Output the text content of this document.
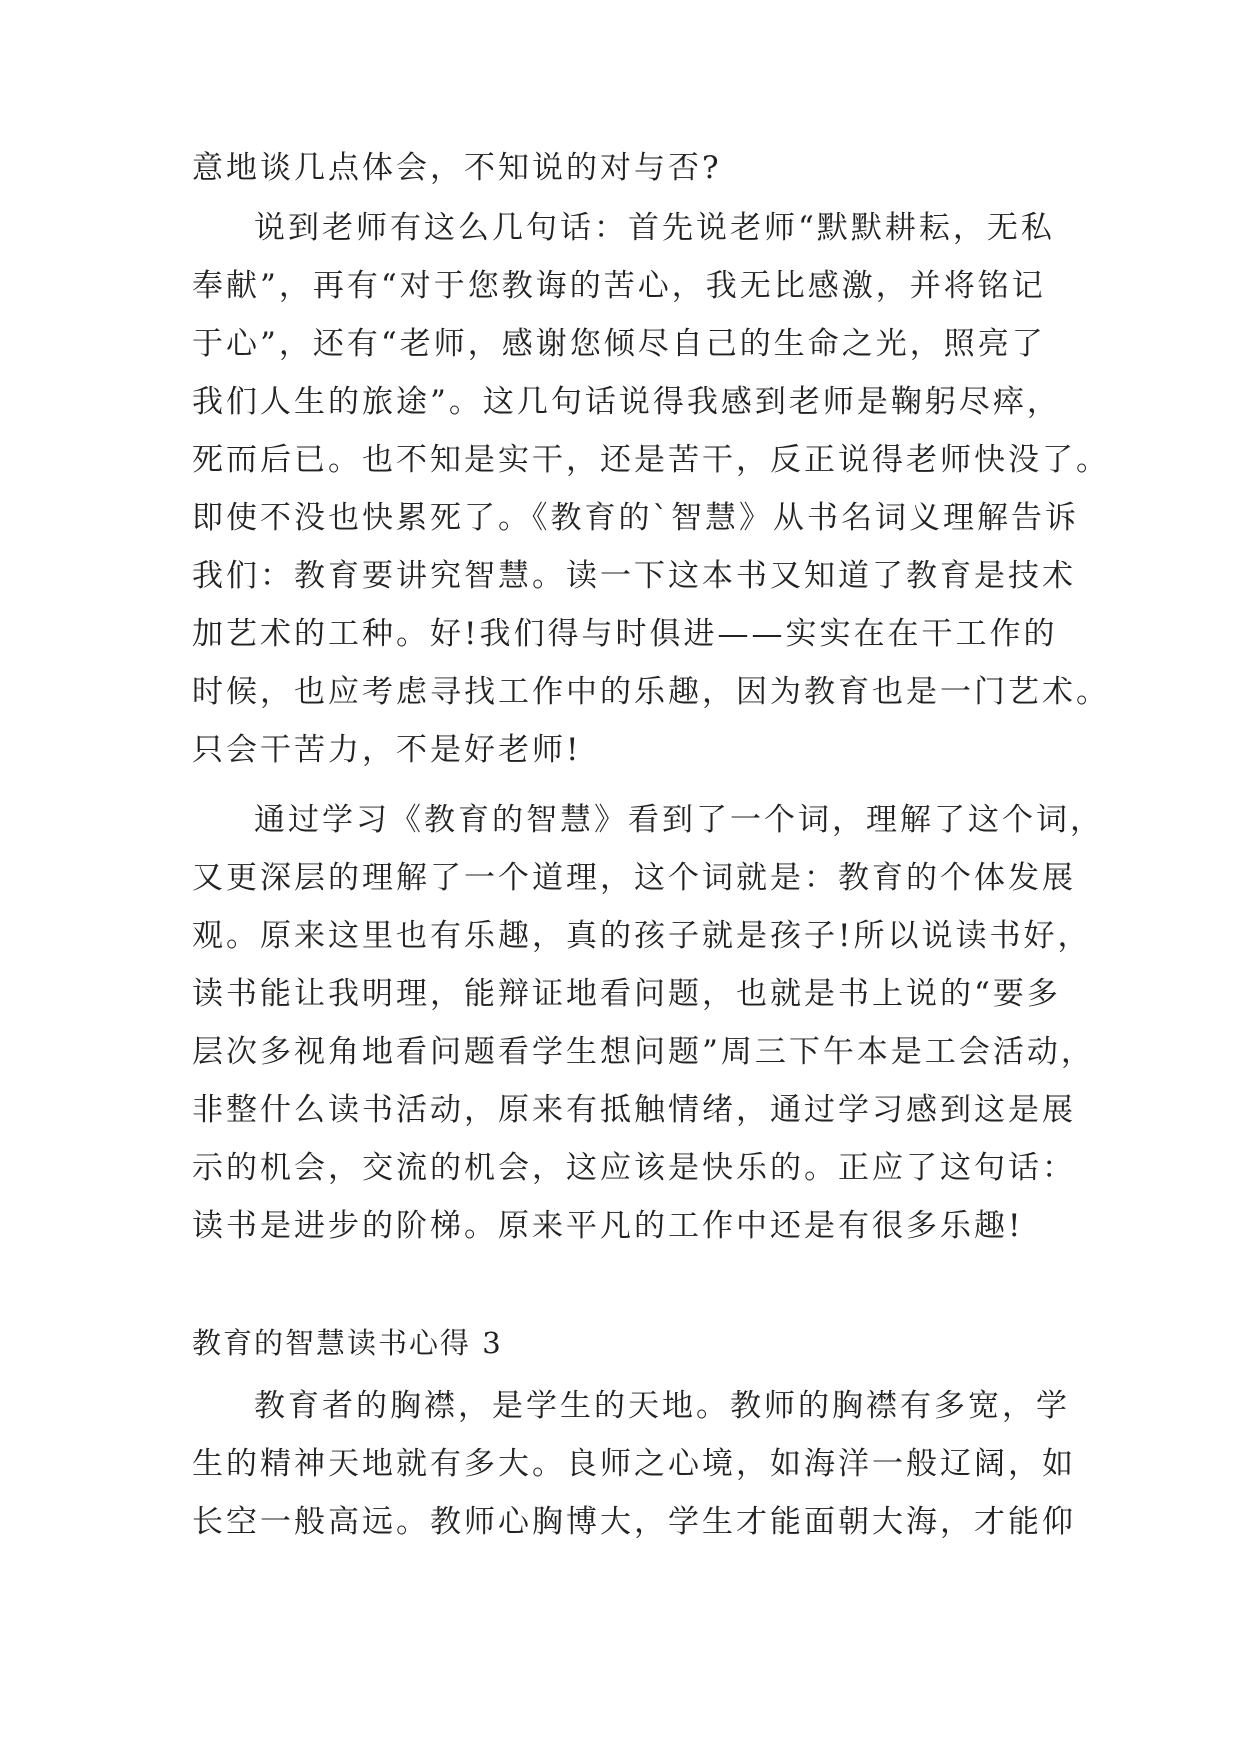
意地谈几点体会，不知说的对与否?
说到老师有这么几句话：首先说老师“默默耕耘，无私
奉献”，再有“对于您教诲的苦心，我无比感激，并将铭记
于心”，还有“老师，感谢您倾尽自己的生命之光，照亮了
我们人生的旅途”。这几句话说得我感到老师是鞠躬尽瘁，
死而后已。也不知是实干，还是苦干，反正说得老师快没了。
即使不没也快累死了。《教育的`智慧》从书名词义理解告诉
我们：教育要讲究智慧。读一下这本书又知道了教育是技术
加艺术的工种。好!我们得与时俱进——实实在在干工作的
时候，也应考虑寻找工作中的乐趣，因为教育也是一门艺术。
只会干苦力，不是好老师!
通过学习《教育的智慧》看到了一个词，理解了这个词，
又更深层的理解了一个道理，这个词就是：教育的个体发展
观。原来这里也有乐趣，真的孩子就是孩子!所以说读书好，
读书能让我明理，能辩证地看问题，也就是书上说的“要多
层次多视角地看问题看学生想问题”周三下午本是工会活动，
非整什么读书活动，原来有抵触情绪，通过学习感到这是展
示的机会，交流的机会，这应该是快乐的。正应了这句话：
读书是进步的阶梯。原来平凡的工作中还是有很多乐趣!
教育的智慧读书心得 3
教育者的胸襟，是学生的天地。教师的胸襟有多宽，学
生的精神天地就有多大。良师之心境，如海洋一般辽阔，如
长空一般高远。教师心胸博大，学生才能面朝大海，才能仰
